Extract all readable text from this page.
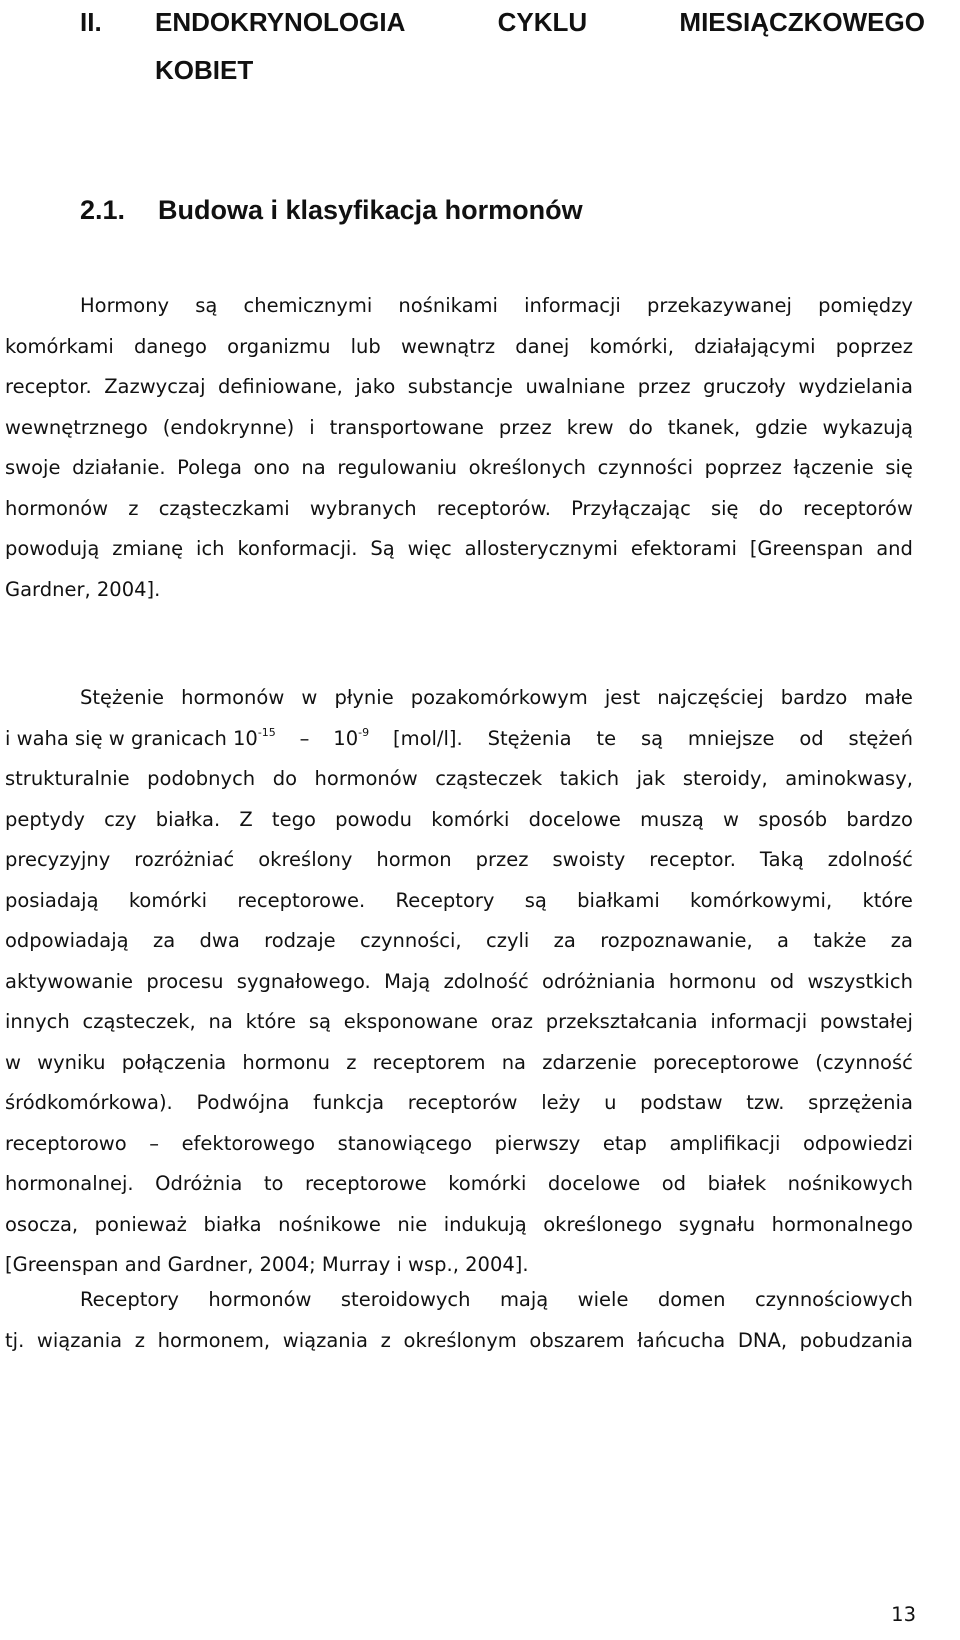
II. ENDOKRYNOLOGIA	CYKLU	MIESIĄCZKOWEGO
KOBIET
2.1. Budowa i klasyfikacja hormonów
Hormony są chemicznymi nośnikami informacji przekazywanej pomiędzy
komórkami danego organizmu lub wewnątrz danej komórki, działającymi poprzez
receptor. Zazwyczaj definiowane, jako substancje uwalniane przez gruczoły wydzielania
wewnętrznego (endokrynne) i transportowane przez krew do tkanek, gdzie wykazują
swoje działanie. Polega ono na regulowaniu określonych czynności poprzez łączenie się
hormonów z cząsteczkami wybranych receptorów. Przyłączając się do receptorów
powodują zmianę ich konformacji. Są więc allosterycznymi efektorami [Greenspan and
Gardner, 2004].
Stężenie hormonów w płynie pozakomórkowym jest najczęściej bardzo małe
i waha się w granicach $10^{-15} - 10^{-9}$ [mol/l]. Stężenia te są mniejsze od stężeń
strukturalnie podobnych do hormonów cząsteczek takich jak steroidy, aminokwasy,
peptydy czy białka. Z tego powodu komórki docelowe muszą w sposób bardzo
precyzyjny rozróżniać określony hormon przez swoisty receptor. Taką zdolność
posiadają komórki receptorowe. Receptory są białkami komórkowymi, które
odpowiadają za dwa rodzaje czynności, czyli za rozpoznawanie, a także za
aktywowanie procesu sygnałowego. Mają zdolność odróżniania hormonu od wszystkich
innych cząsteczek, na które są eksponowane oraz przekształcania informacji powstałej
w wyniku połączenia hormonu z receptorem na zdarzenie poreceptorowe (czynność
śródkomórkowa). Podwójna funkcja receptorów leży u podstaw tzw. sprzężenia
receptorowo – efektorowego stanowiącego pierwszy etap amplifikacji odpowiedzi
hormonalnej. Odróżnia to receptorowe komórki docelowe od białek nośnikowych
osocza, ponieważ białka nośnikowe nie indukują określonego sygnału hormonalnego
[Greenspan and Gardner, 2004; Murray i wsp., 2004].
Receptory hormonów steroidowych mają wiele domen czynnościowych
tj. wiązania z hormonem, wiązania z określonym obszarem łańcucha DNA, pobudzania
13
